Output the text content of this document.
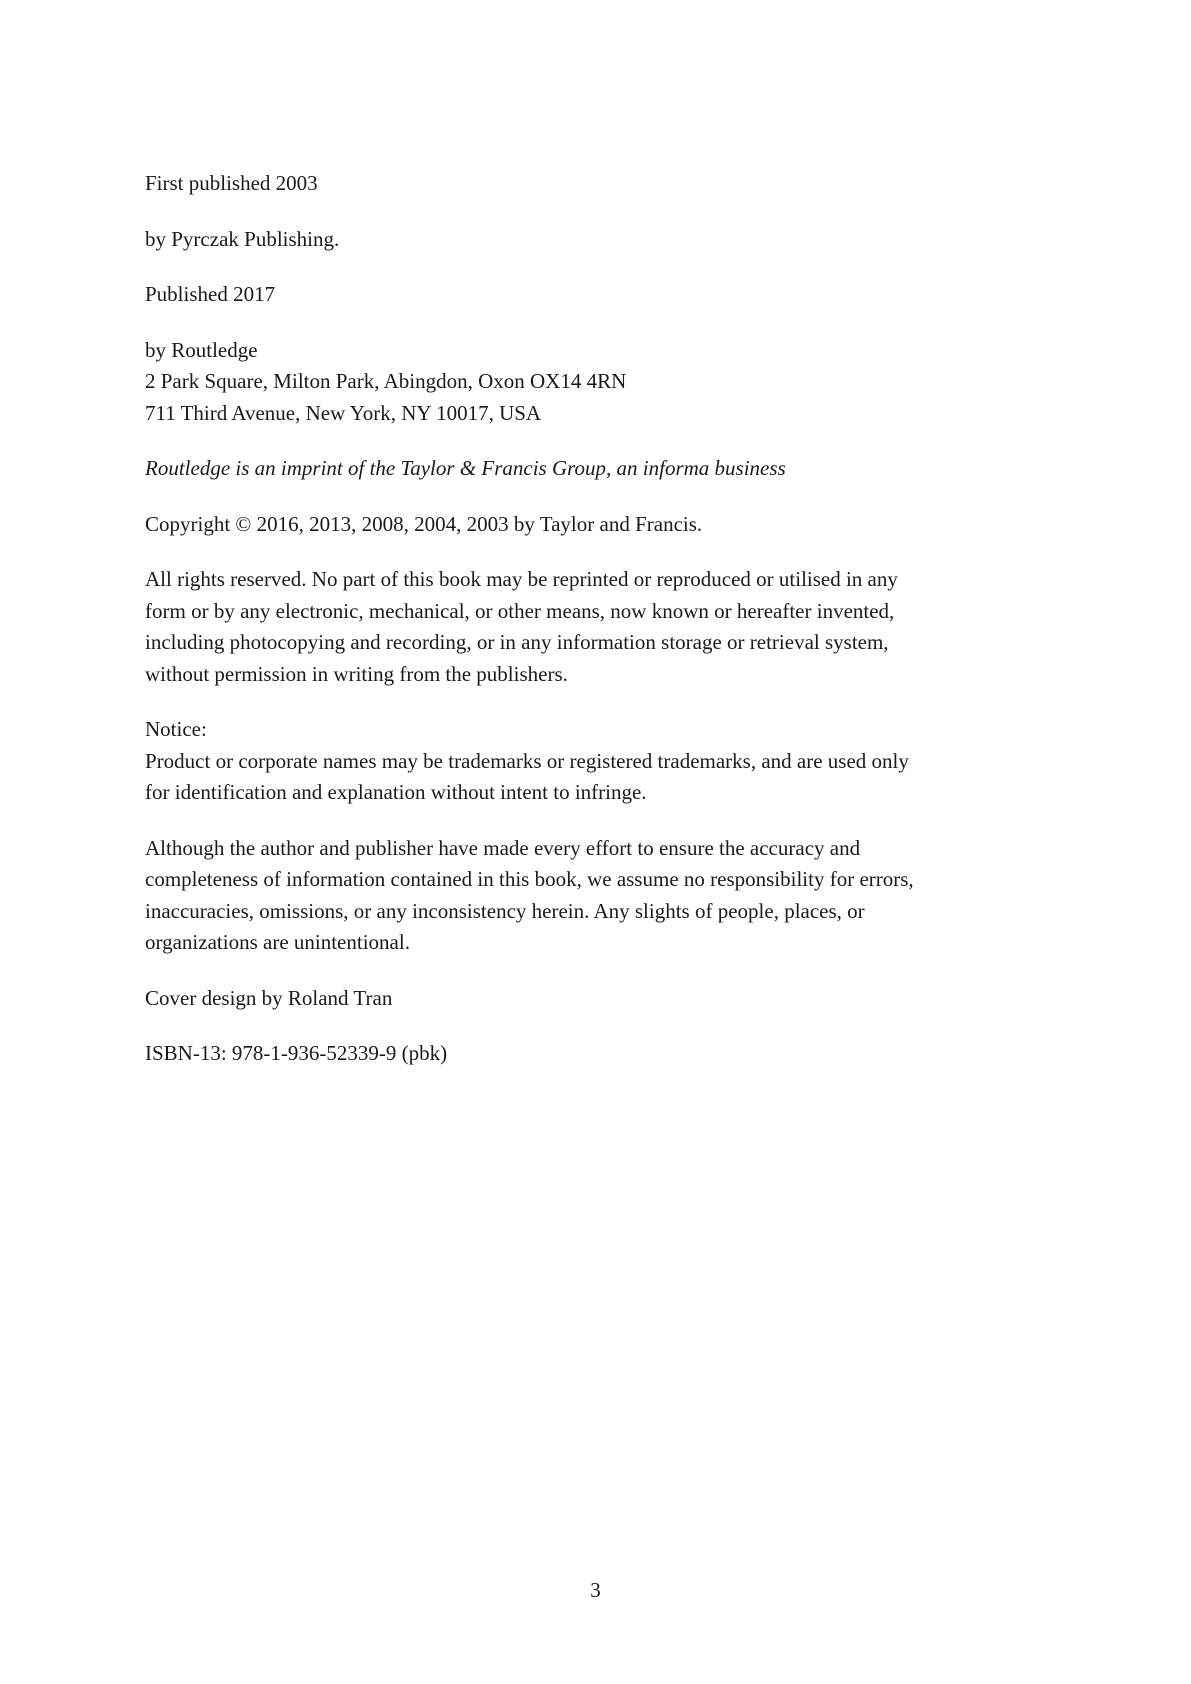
First published 2003

by Pyrczak Publishing.

Published 2017

by Routledge
2 Park Square, Milton Park, Abingdon, Oxon OX14 4RN
711 Third Avenue, New York, NY 10017, USA

Routledge is an imprint of the Taylor & Francis Group, an informa business

Copyright © 2016, 2013, 2008, 2004, 2003 by Taylor and Francis.

All rights reserved. No part of this book may be reprinted or reproduced or utilised in any
form or by any electronic, mechanical, or other means, now known or hereafter invented,
including photocopying and recording, or in any information storage or retrieval system,
without permission in writing from the publishers.

Notice:
Product or corporate names may be trademarks or registered trademarks, and are used only
for identification and explanation without intent to infringe.

Although the author and publisher have made every effort to ensure the accuracy and
completeness of information contained in this book, we assume no responsibility for errors,
inaccuracies, omissions, or any inconsistency herein. Any slights of people, places, or
organizations are unintentional.

Cover design by Roland Tran

ISBN-13: 978-1-936-52339-9 (pbk)

3
